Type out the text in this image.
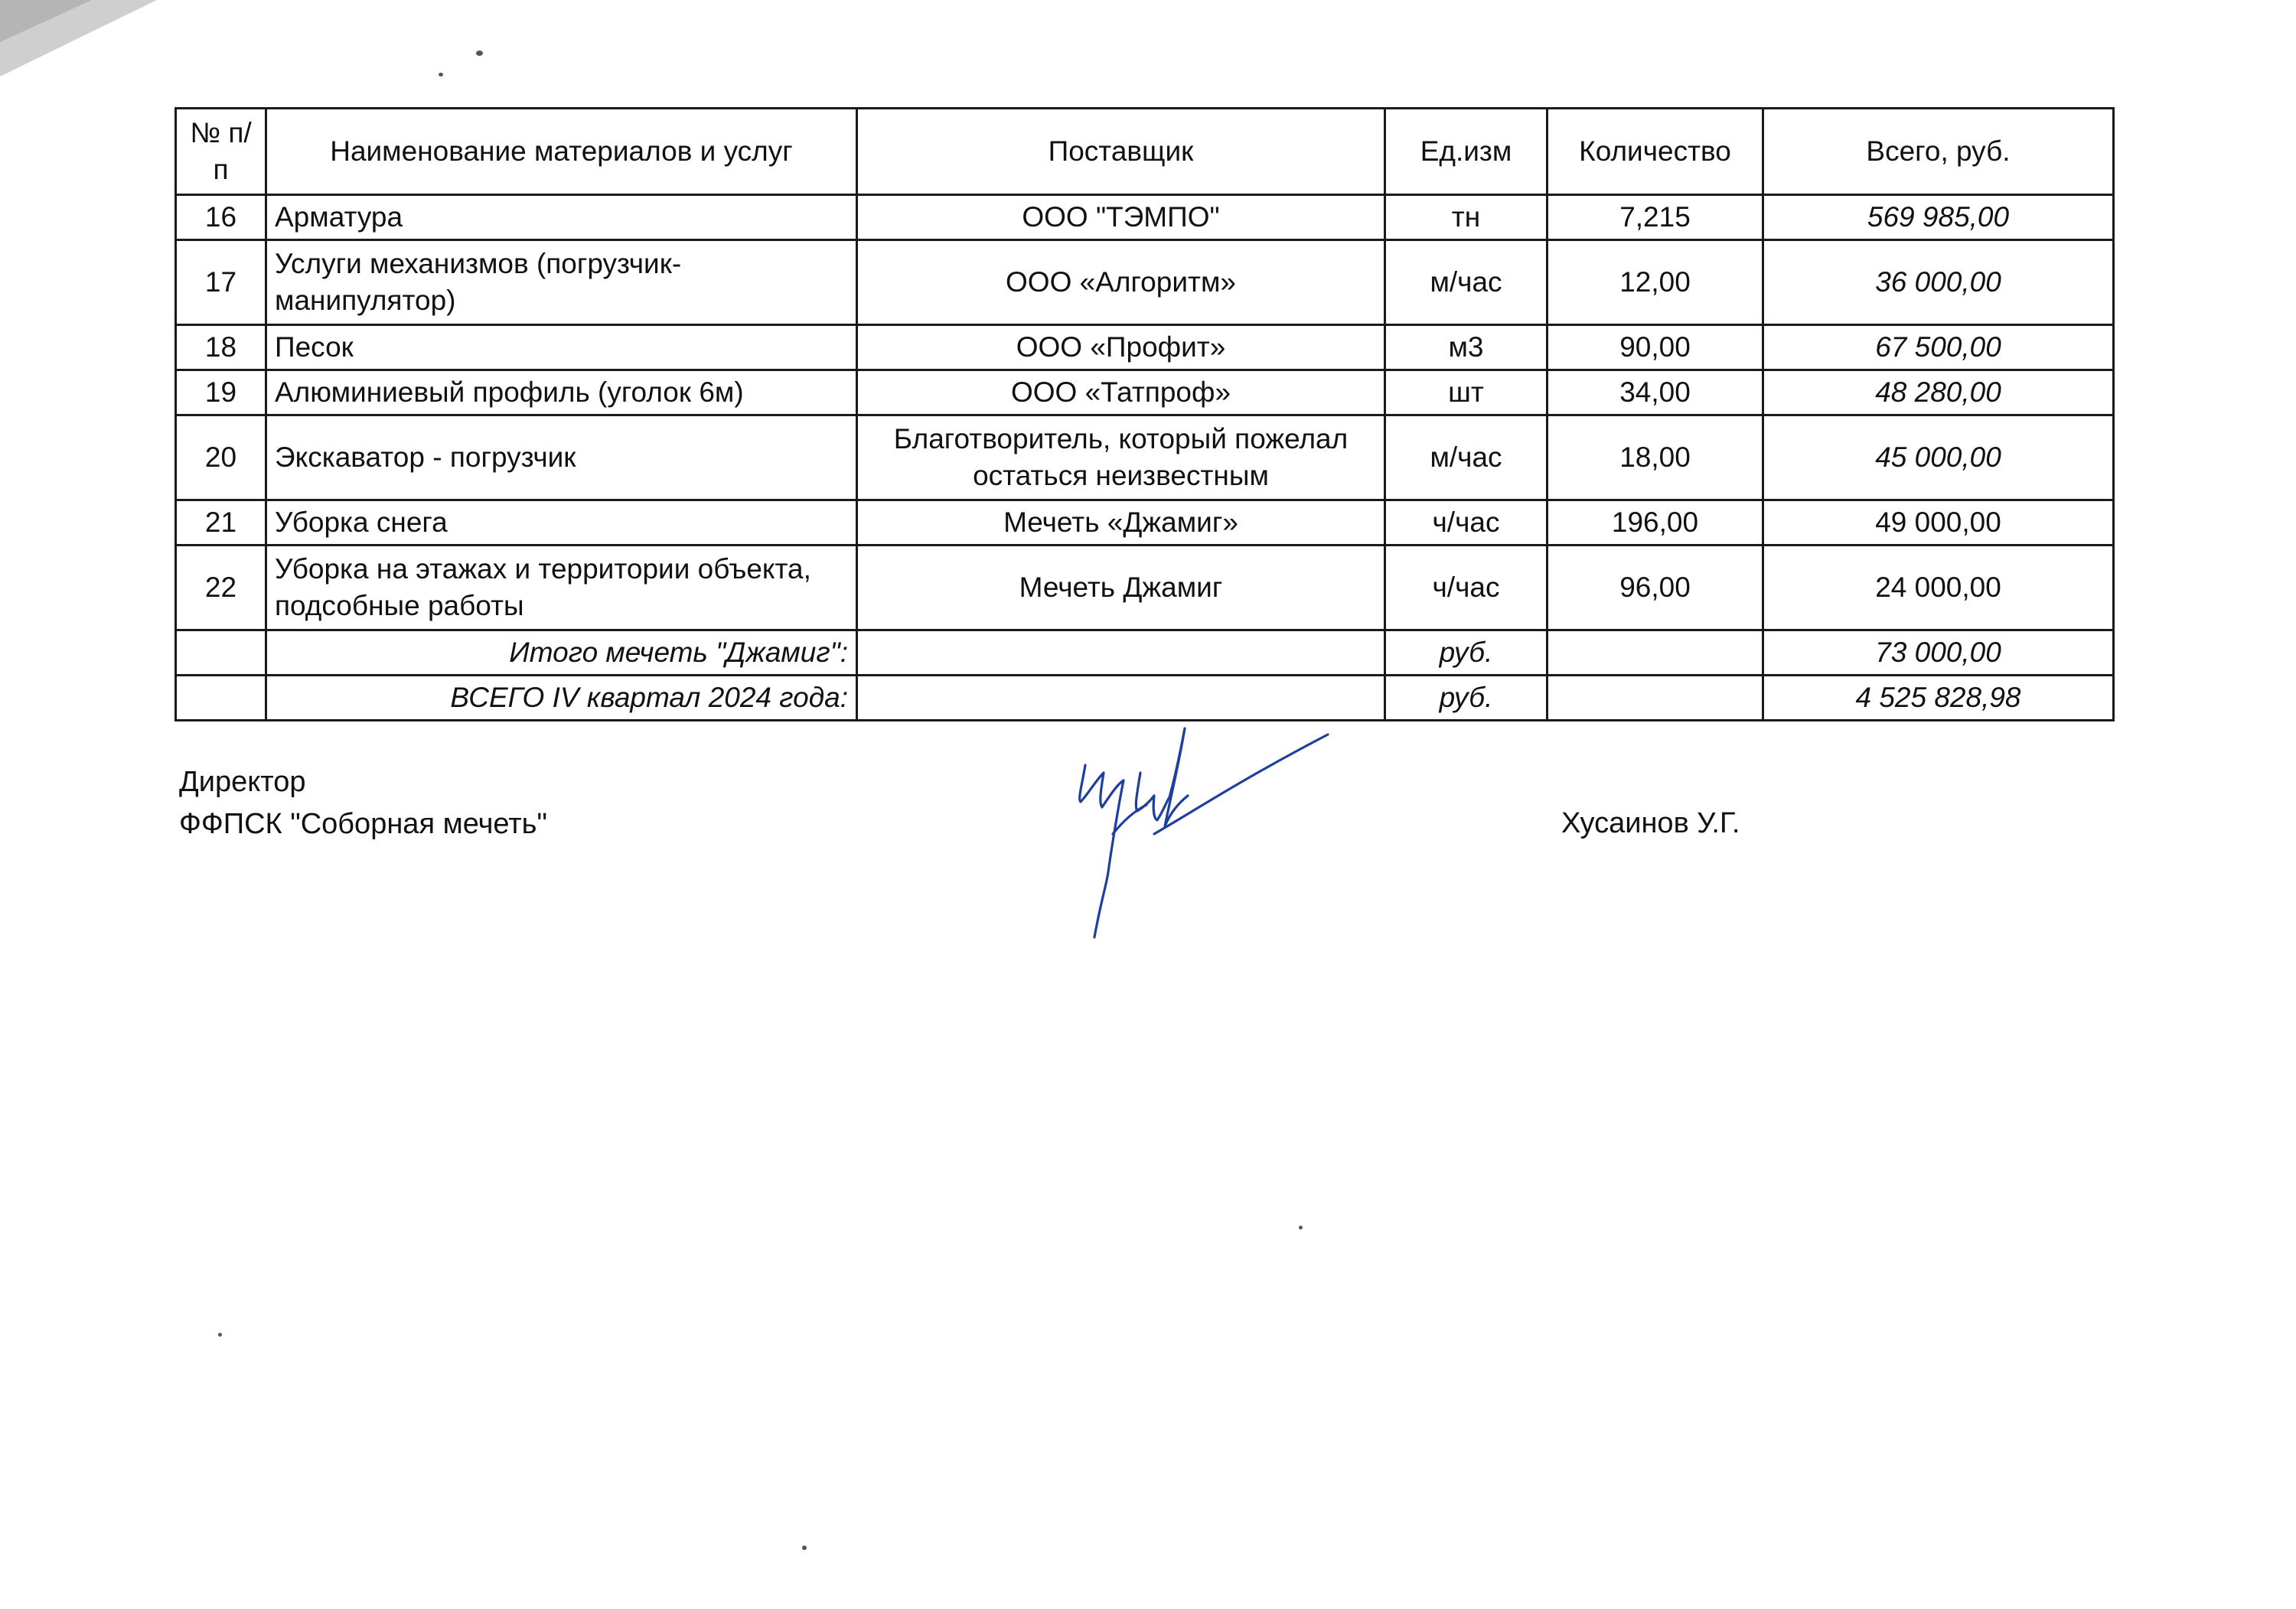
№ п/п	Наименование материалов и услуг	Поставщик	Ед.изм	Количество	Всего, руб.
16	Арматура	ООО "ТЭМПО"	тн	7,215	569 985,00
17	Услуги механизмов (погрузчик-манипулятор)	ООО «Алгоритм»	м/час	12,00	36 000,00
18	Песок	ООО «Профит»	м3	90,00	67 500,00
19	Алюминиевый профиль (уголок 6м)	ООО «Татпроф»	шт	34,00	48 280,00
20	Экскаватор - погрузчик	Благотворитель, который пожелал остаться неизвестным	м/час	18,00	45 000,00
21	Уборка снега	Мечеть «Джамиг»	ч/час	196,00	49 000,00
22	Уборка на этажах и территории объекта, подсобные работы	Мечеть Джамиг	ч/час	96,00	24 000,00
	Итого мечеть "Джамиг":		руб.		73 000,00
	ВСЕГО IV квартал 2024 года:		руб.		4 525 828,98
Директор
ФФПСК "Соборная мечеть"	Хусаинов У.Г.
